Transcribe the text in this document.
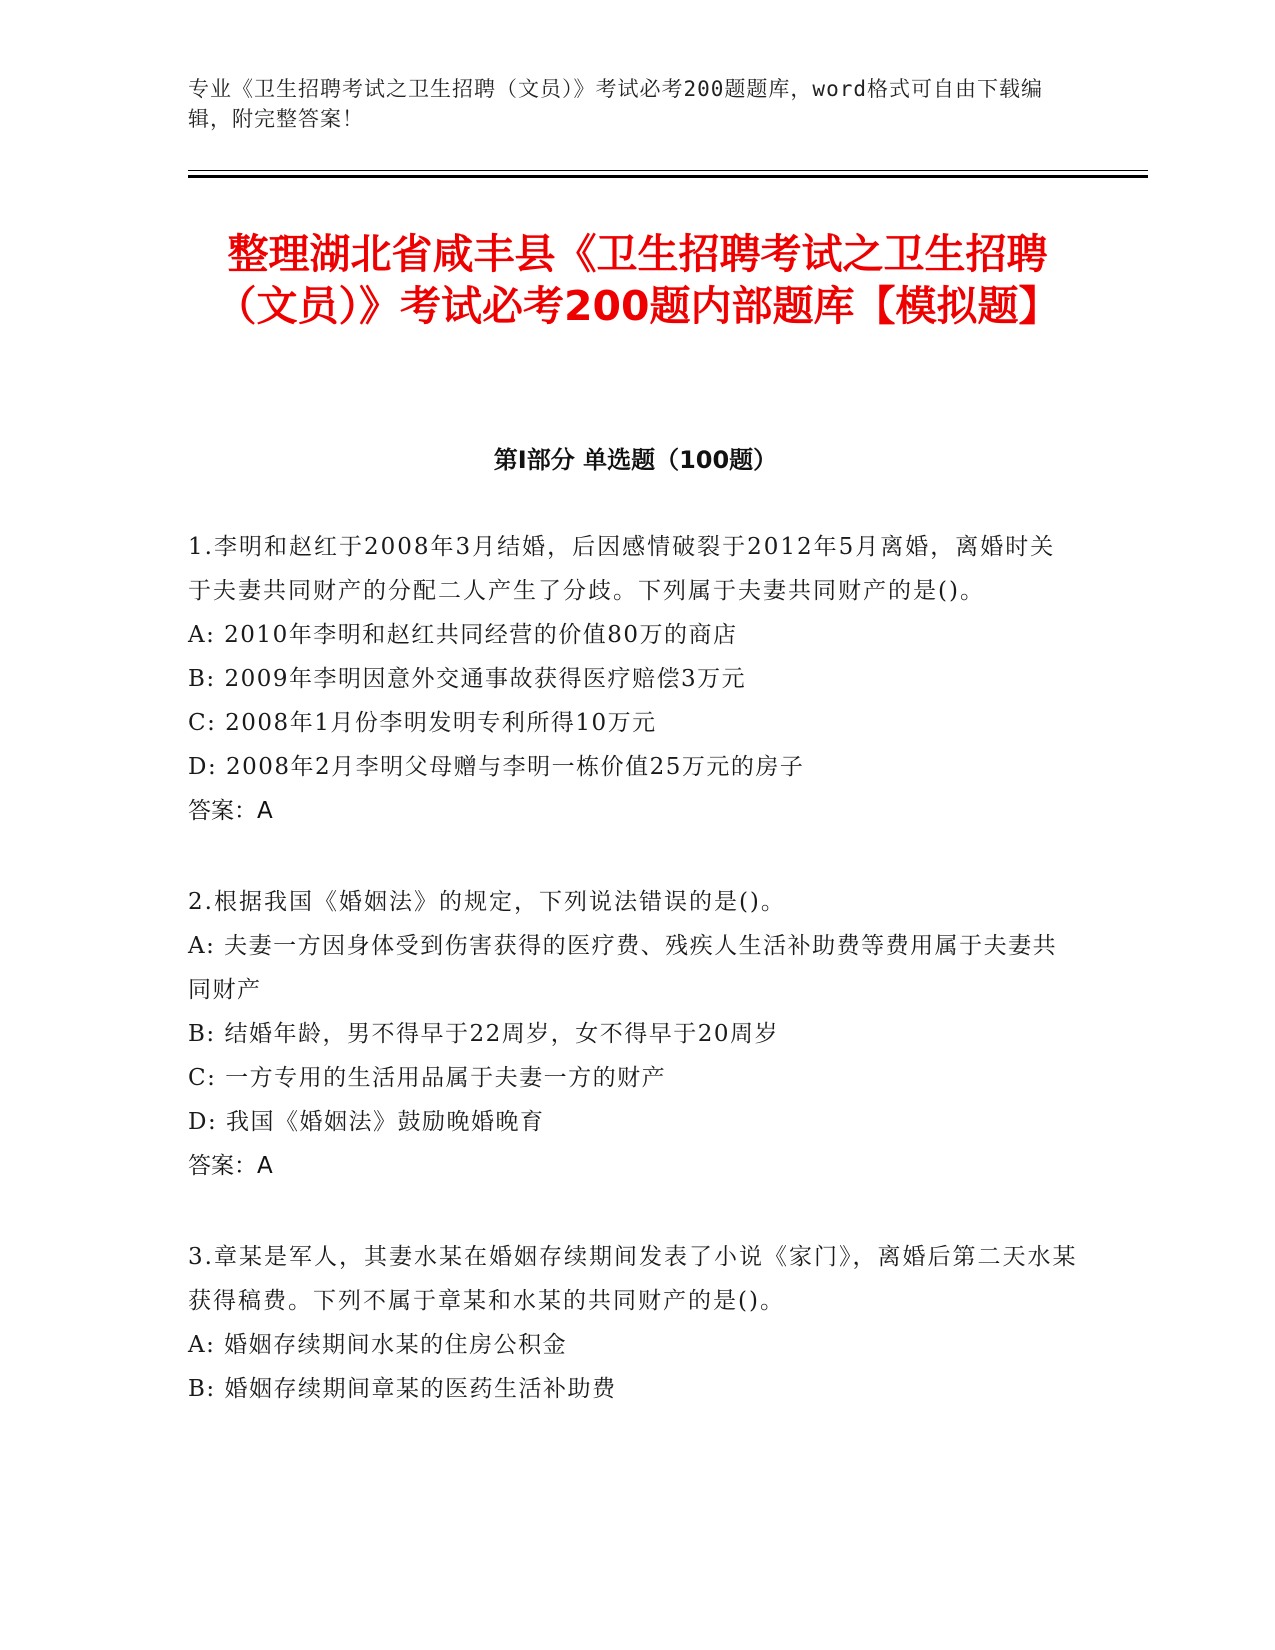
专业《卫生招聘考试之卫生招聘（文员）》考试必考200题题库，word格式可自由下载编辑，附完整答案！
整理湖北省咸丰县《卫生招聘考试之卫生招聘（文员）》考试必考200题内部题库【模拟题】
第I部分 单选题（100题）
1.李明和赵红于2008年3月结婚，后因感情破裂于2012年5月离婚，离婚时关于夫妻共同财产的分配二人产生了分歧。下列属于夫妻共同财产的是()。
A: 2010年李明和赵红共同经营的价值80万的商店
B: 2009年李明因意外交通事故获得医疗赔偿3万元
C: 2008年1月份李明发明专利所得10万元
D: 2008年2月李明父母赠与李明一栋价值25万元的房子
答案：A
2.根据我国《婚姻法》的规定，下列说法错误的是()。
A: 夫妻一方因身体受到伤害获得的医疗费、残疾人生活补助费等费用属于夫妻共同财产
B: 结婚年龄，男不得早于22周岁，女不得早于20周岁
C: 一方专用的生活用品属于夫妻一方的财产
D: 我国《婚姻法》鼓励晚婚晚育
答案：A
3.章某是军人，其妻水某在婚姻存续期间发表了小说《家门》，离婚后第二天水某获得稿费。下列不属于章某和水某的共同财产的是()。
A: 婚姻存续期间水某的住房公积金
B: 婚姻存续期间章某的医药生活补助费
